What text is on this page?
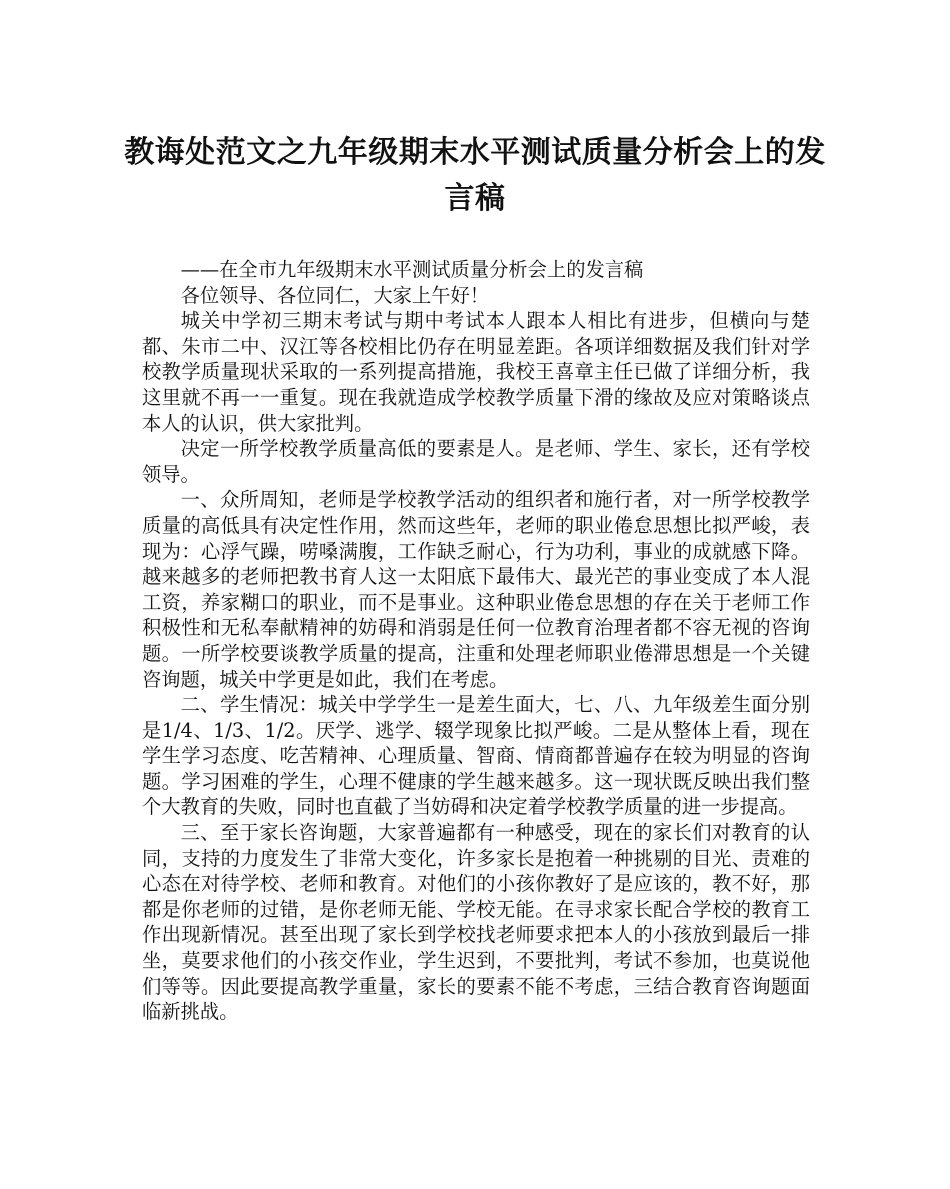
教诲处范文之九年级期末水平测试质量分析会上的发言稿

——在全市九年级期末水平测试质量分析会上的发言稿

各位领导、各位同仁，大家上午好！

城关中学初三期末考试与期中考试本人跟本人相比有进步，但横向与楚都、朱市二中、汉江等各校相比仍存在明显差距。各项详细数据及我们针对学校教学质量现状采取的一系列提高措施，我校王喜章主任已做了详细分析，我这里就不再一一重复。现在我就造成学校教学质量下滑的缘故及应对策略谈点本人的认识，供大家批判。

决定一所学校教学质量高低的要素是人。是老师、学生、家长，还有学校领导。

一、众所周知，老师是学校教学活动的组织者和施行者，对一所学校教学质量的高低具有决定性作用，然而这些年，老师的职业倦怠思想比拟严峻，表现为：心浮气躁，唠嗓满腹，工作缺乏耐心，行为功利，事业的成就感下降。越来越多的老师把教书育人这一太阳底下最伟大、最光芒的事业变成了本人混工资，养家糊口的职业，而不是事业。这种职业倦怠思想的存在关于老师工作积极性和无私奉献精神的妨碍和消弱是任何一位教育治理者都不容无视的咨询题。一所学校要谈教学质量的提高，注重和处理老师职业倦滞思想是一个关键咨询题，城关中学更是如此，我们在考虑。

二、学生情况：城关中学学生一是差生面大，七、八、九年级差生面分别是1/4、1/3、1/2。厌学、逃学、辍学现象比拟严峻。二是从整体上看，现在学生学习态度、吃苦精神、心理质量、智商、情商都普遍存在较为明显的咨询题。学习困难的学生，心理不健康的学生越来越多。这一现状既反映出我们整个大教育的失败，同时也直截了当妨碍和决定着学校教学质量的进一步提高。

三、至于家长咨询题，大家普遍都有一种感受，现在的家长们对教育的认同，支持的力度发生了非常大变化，许多家长是抱着一种挑剔的目光、责难的心态在对待学校、老师和教育。对他们的小孩你教好了是应该的，教不好，那都是你老师的过错，是你老师无能、学校无能。在寻求家长配合学校的教育工作出现新情况。甚至出现了家长到学校找老师要求把本人的小孩放到最后一排坐，莫要求他们的小孩交作业，学生迟到，不要批判，考试不参加，也莫说他们等等。因此要提高教学重量，家长的要素不能不考虑，三结合教育咨询题面临新挑战。
